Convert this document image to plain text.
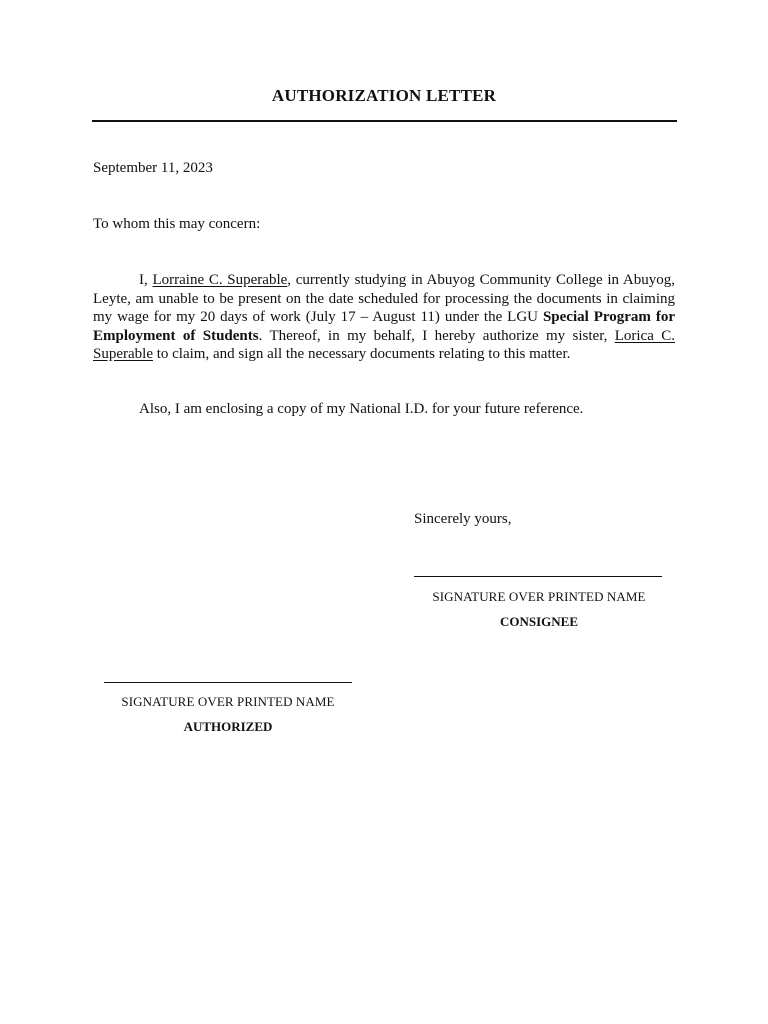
AUTHORIZATION LETTER
September 11, 2023
To whom this may concern:
I, Lorraine C. Superable, currently studying in Abuyog Community College in Abuyog, Leyte, am unable to be present on the date scheduled for processing the documents in claiming my wage for my 20 days of work (July 17 – August 11) under the LGU Special Program for Employment of Students. Thereof, in my behalf, I hereby authorize my sister, Lorica C. Superable to claim, and sign all the necessary documents relating to this matter.
Also, I am enclosing a copy of my National I.D. for your future reference.
Sincerely yours,
SIGNATURE OVER PRINTED NAME
CONSIGNEE
SIGNATURE OVER PRINTED NAME
AUTHORIZED
